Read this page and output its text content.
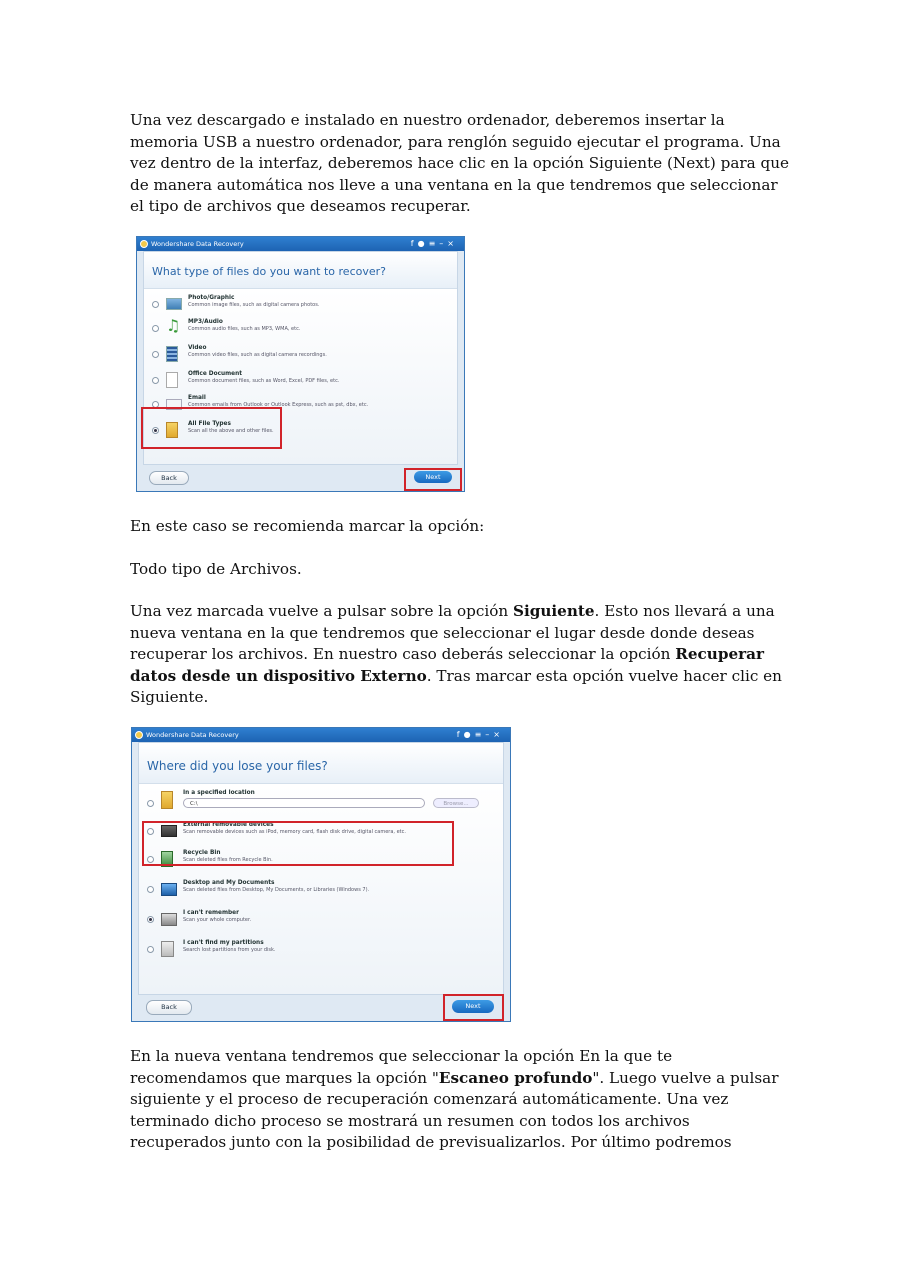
Una vez descargado e instalado en nuestro ordenador, deberemos insertar la memoria USB a nuestro ordenador, para renglón seguido ejecutar el programa. Una vez dentro de la interfaz, deberemos hace clic en la opción Siguiente (Next) para que de manera automática nos lleve a una ventana en la que tendremos que seleccionar el tipo de archivos que deseamos recuperar.

Wondershare Data Recovery	f●≡–×
What type of files do you want to recover?
Photo/Graphic
Common image files, such as digital camera photos.
♫ MP3/Audio
Common audio files, such as MP3, WMA, etc.
Video
Common video files, such as digital camera recordings.
Office Document
Common document files, such as Word, Excel, PDF files, etc.
Email
Common emails from Outlook or Outlook Express, such as pst, dbx, etc.
All File Types
Scan all the above and other files.
Back	Next

En este caso se recomienda marcar la opción:

Todo tipo de Archivos.

Una vez marcada vuelve a pulsar sobre la opción Siguiente. Esto nos llevará a una nueva ventana en la que tendremos que seleccionar el lugar desde donde deseas recuperar los archivos. En nuestro caso deberás seleccionar la opción Recuperar datos desde un dispositivo Externo. Tras marcar esta opción vuelve hacer clic en Siguiente.

Wondershare Data Recovery	f●≡–×
Where did you lose your files?
In a specified location
C:\	Browse...
External removable devices
Scan removable devices such as iPod, memory card, flash disk drive, digital camera, etc.
Recycle Bin
Scan deleted files from Recycle Bin.
Desktop and My Documents
Scan deleted files from Desktop, My Documents, or Libraries (Windows 7).
I can't remember
Scan your whole computer.
I can't find my partitions
Search lost partitions from your disk.
Back	Next

En la nueva ventana tendremos que seleccionar la opción En la que te recomendamos que marques la opción "Escaneo profundo". Luego vuelve a pulsar siguiente y el proceso de recuperación comenzará automáticamente. Una vez terminado dicho proceso se mostrará un resumen con todos los archivos recuperados junto con la posibilidad de previsualizarlos. Por último podremos
